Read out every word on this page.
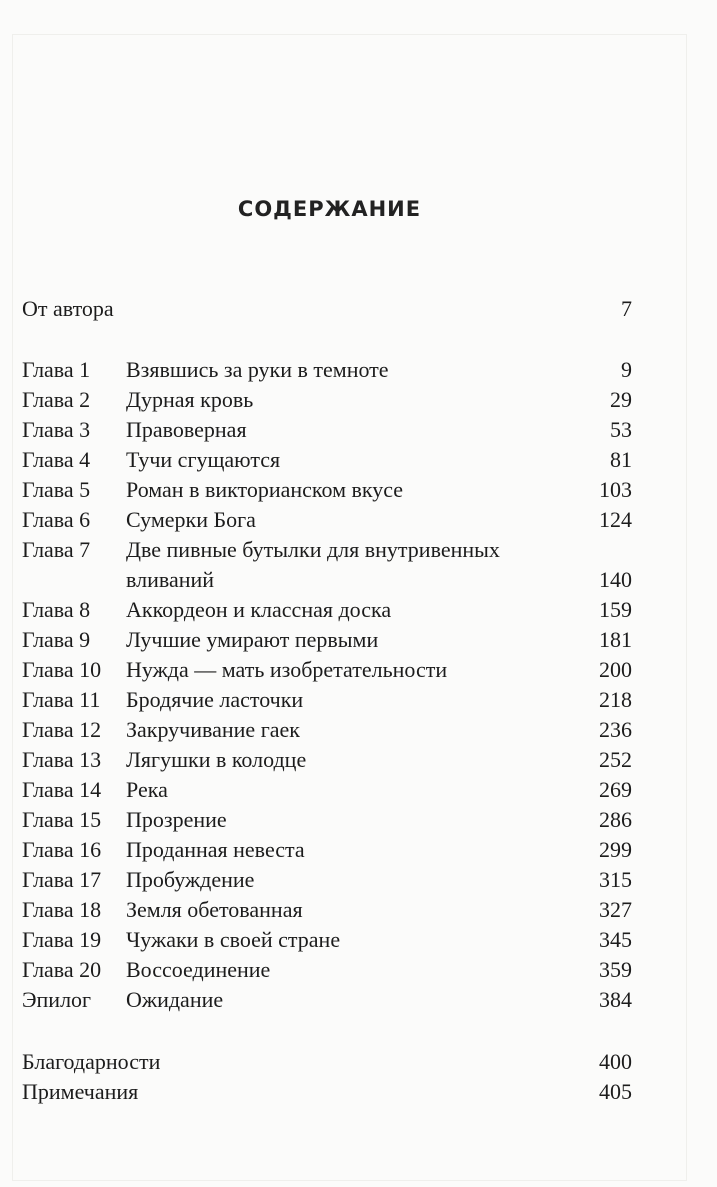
СОДЕРЖАНИЕ
От автора	7
Глава 1 Взявшись за руки в темноте	9
Глава 2 Дурная кровь	29
Глава 3 Правоверная	53
Глава 4 Тучи сгущаются	81
Глава 5 Роман в викторианском вкусе	103
Глава 6 Сумерки Бога	124
Глава 7 Две пивные бутылки для внутривенных
вливаний	140
Глава 8 Аккордеон и классная доска	159
Глава 9 Лучшие умирают первыми	181
Глава 10 Нужда — мать изобретательности	200
Глава 11 Бродячие ласточки	218
Глава 12 Закручивание гаек	236
Глава 13 Лягушки в колодце	252
Глава 14 Река	269
Глава 15 Прозрение	286
Глава 16 Проданная невеста	299
Глава 17 Пробуждение	315
Глава 18 Земля обетованная	327
Глава 19 Чужаки в своей стране	345
Глава 20 Воссоединение	359
Эпилог Ожидание	384
Благодарности	400
Примечания	405
